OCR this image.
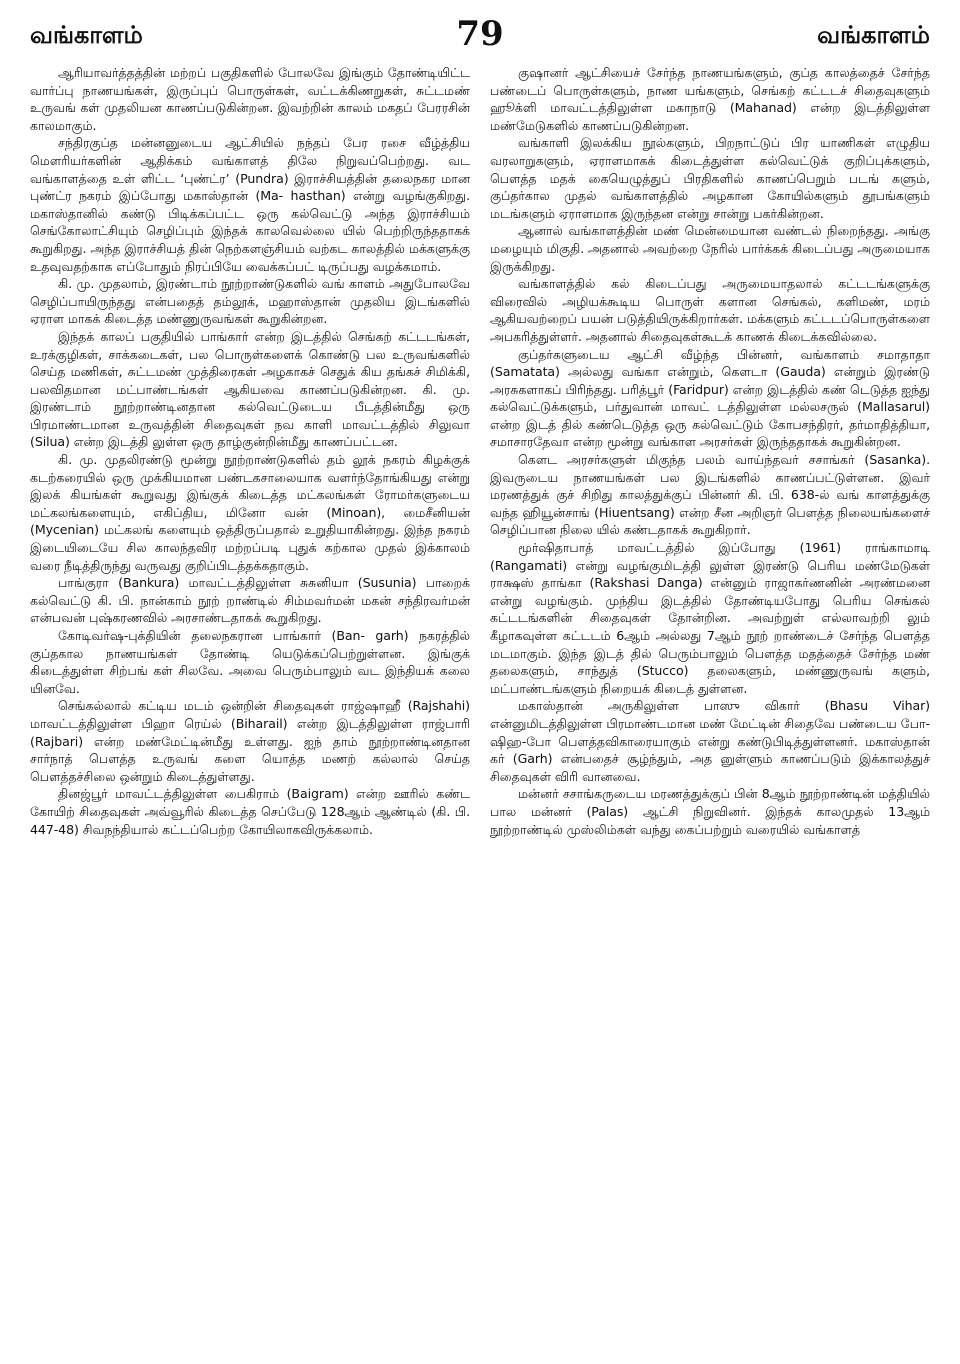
வங்காளம்	79	வங்காளம்

ஆரியாவர்த்தத்தின் மற்றப் பகுதிகளில் போலவே இங்கும் தோண்டியிட்ட வார்ப்பு நாணயங்கள், இருப்புப் பொருள்கள், வட்டக்கிணறுகள், சுட்டமண் உருவங் கள் முதலியன காணப்படுகின்றன. இவற்றின் காலம் மகதப் பேரரசின் காலமாகும்.

சந்திரகுப்த மன்னனுடைய ஆட்சியில் நந்தப் பேர ரசை வீழ்த்திய மௌரியர்களின் ஆதிக்கம் வங்காளத் திலே நிறுவப்பெற்றது. வட வங்காளத்தை உள் ளிட்ட ‘புண்ட்ர’ (Pundra) இராச்சியத்தின் தலைநகர மான புண்ட்ர நகரம் இப்போது மகாஸ்தான் (Ma- hasthan) என்று வழங்குகிறது. மகாஸ்தானில் கண்டு பிடிக்கப்பட்ட ஒரு கல்வெட்டு அந்த இராச்சியம் செங்கோலாட்சியும் செழிப்பும் இந்தக் காலவெல்லை யில் பெற்றிருந்ததாகக் கூறுகிறது. அந்த இராச்சியத் தின் நெற்களஞ்சியம் வற்கட காலத்தில் மக்களுக்கு உதவுவதற்காக எப்போதும் நிரப்பியே வைக்கப்பட் டிருப்பது வழக்கமாம்.

கி. மு. முதலாம், இரண்டாம் நூற்றாண்டுகளில் வங் காளம் அதுபோலவே செழிப்பாயிருந்தது என்பதைத் தம்லூக், மஹாஸ்தான் முதலிய இடங்களில் ஏராள மாகக் கிடைத்த மண்ணுருவங்கள் கூறுகின்றன.

இந்தக் காலப் பகுதியில் பாங்கார் என்ற இடத்தில் செங்கற் கட்டடங்கள், உரக்குழிகள், சாக்கடைகள், பல பொருள்களைக் கொண்டு பல உருவங்களில் செய்த மணிகள், சுட்டமண் முத்திரைகள் அழகாகச் செதுக் கிய தங்கச் சிமிக்கி, பலவிதமான மட்பாண்டங்கள் ஆகியவை காணப்படுகின்றன. கி. மு. இரண்டாம் நூற்றாண்டினதான கல்வெட்டுடைய பீடத்தின்மீது ஒரு பிரமாண்டமான உருவத்தின் சிதைவுகள் நவ காளி மாவட்டத்தில் சிலுவா (Silua) என்ற இடத்தி லுள்ள ஒரு தாழ்குன்றின்மீது காணப்பட்டன.

கி. மு. முதலிரண்டு மூன்று நூற்றாண்டுகளில் தம் லூக் நகரம் கிழக்குக் கடற்கரையில் ஒரு முக்கியமான பண்டகசாலையாக வளர்ந்தோங்கியது என்று இலக் கியங்கள் கூறுவது இங்குக் கிடைத்த மட்கலங்கள் ரோமர்களுடைய மட்கலங்களையும், எகிப்திய, மினோ வன் (Minoan), மைசீனியன் (Mycenian) மட்கலங் களையும் ஒத்திருப்பதால் உறுதியாகின்றது. இந்த நகரம் இடையிடையே சில காலந்தவிர மற்றப்படி புதுக் கற்கால முதல் இக்காலம் வரை நீடித்திருந்து வருவது குறிப்பிடத்தக்கதாகும்.

பாங்குரா (Bankura) மாவட்டத்திலுள்ள சுசுனியா (Susunia) பாறைக் கல்வெட்டு கி. பி. நான்காம் நூற் றாண்டில் சிம்மவர்மன் மகன் சந்திரவர்மன் என்பவன் புஷ்கரணவில் அரசாண்டதாகக் கூறுகிறது.

கோடிவர்ஷ-புக்தியின் தலைநகரான பாங்கார் (Ban- garh) நகரத்தில் குப்தகால நாணயங்கள் தோண்டி யெடுக்கப்பெற்றுள்ளன. இங்குக் கிடைத்துள்ள சிற்பங் கள் சிலவே. அவை பெரும்பாலும் வட இந்தியக் கலை யினவே.

செங்கல்லால் கட்டிய மடம் ஒன்றின் சிதைவுகள் ராஜ்ஷாஹீ (Rajshahi) மாவட்டத்திலுள்ள பிஹா ரெய்ல் (Biharail) என்ற இடத்திலுள்ள ராஜ்பாரி (Rajbari) என்ற மண்மேட்டின்மீது உள்ளது. ஐந் தாம் நூற்றாண்டினதான சார்நாத் பௌத்த உருவங் களை யொத்த மணற் கல்லால் செய்த பௌத்தச்சிலை ஒன்றும் கிடைத்துள்ளது.

தினஜ்பூர் மாவட்டத்திலுள்ள பைகிராம் (Baigram) என்ற ஊரில் கண்ட கோயிற் சிதைவுகள் அவ்வூரில் கிடைத்த செப்பேடு 128ஆம் ஆண்டில் (கி. பி. 447-48) சிவநந்தியால் கட்டப்பெற்ற கோயிலாகவிருக்கலாம்.

குஷானர் ஆட்சியைச் சேர்ந்த நாணயங்களும், குப்த காலத்தைச் சேர்ந்த பண்டைப் பொருள்களும், நாண யங்களும், செங்கற் கட்டடச் சிதைவுகளும் ஹூக்ளி மாவட்டத்திலுள்ள மகாநாடு (Mahanad) என்ற இடத்திலுள்ள மண்மேடுகளில் காணப்படுகின்றன.

வங்காளி இலக்கிய நூல்களும், பிறநாட்டுப் பிர யாணிகள் எழுதிய வரலாறுகளும், ஏராளமாகக் கிடைத்துள்ள கல்வெட்டுக் குறிப்புக்களும், பௌத்த மதக் கையெழுத்துப் பிரதிகளில் காணப்பெறும் படங் களும், குப்தர்கால முதல் வங்காளத்தில் அழகான கோயில்களும் தூபங்களும் மடங்களும் ஏராளமாக இருந்தன என்று சான்று பகர்கின்றன.

ஆனால் வங்காளத்தின் மண் மென்மையான வண்டல் நிறைந்தது. அங்கு மழையும் மிகுதி. அதனால் அவற்றை நேரில் பார்க்கக் கிடைப்பது அருமையாக இருக்கிறது.

வங்காளத்தில் கல் கிடைப்பது அருமையாதலால் கட்டடங்களுக்கு விரைவில் அழியக்கூடிய பொருள் களான செங்கல், களிமண், மரம் ஆகியவற்றைப் பயன் படுத்தியிருக்கிறார்கள். மக்களும் கட்டடப்பொருள்களை அபகரித்துள்ளர். அதனால் சிதைவுகள்கூடக் காணக் கிடைக்கவில்லை.

குப்தர்களுடைய ஆட்சி வீழ்ந்த பின்னர், வங்காளம் சமாதாதா (Samatata) அல்லது வங்கா என்றும், கௌடா (Gauda) என்றும் இரண்டு அரசுகளாகப் பிரிந்தது. பரித்பூர் (Faridpur) என்ற இடத்தில் கண் டெடுத்த ஐந்து கல்வெட்டுக்களும், பர்துவான் மாவட் டத்திலுள்ள மல்லசருல் (Mallasarul) என்ற இடத் தில் கண்டெடுத்த ஒரு கல்வெட்டும் கோபசந்திரர், தர்மாதித்தியா, சமாசாரதேவா என்ற மூன்று வங்காள அரசர்கள் இருந்ததாகக் கூறுகின்றன.

கௌட அரசர்களுள் மிகுந்த பலம் வாய்ந்தவர் சசாங்கர் (Sasanka). இவருடைய நாணயங்கள் பல இடங்களில் காணப்பட்டுள்ளன. இவர் மரணத்துக் குச் சிறிது காலத்துக்குப் பின்னர் கி. பி. 638-ல் வங் காளத்துக்கு வந்த ஹியூன்சாங் (Hiuentsang) என்ற சீன அறிஞர் பௌத்த நிலையங்களைச் செழிப்பான நிலை யில் கண்டதாகக் கூறுகிறார்.

மூர்ஷிதாபாத் மாவட்டத்தில் இப்போது (1961) ராங்காமாடி (Rangamati) என்று வழங்குமிடத்தி லுள்ள இரண்டு பெரிய மண்மேடுகள் ராக்ஷஸ் தாங்கா (Rakshasi Danga) என்னும் ராஜாகர்ணனின் அரண்மனை என்று வழங்கும். முந்திய இடத்தில் தோண்டியபோது பெரிய செங்கல் கட்டடங்களின் சிதைவுகள் தோன்றின. அவற்றுள் எல்லாவற்றி லும் கீழாகவுள்ள கட்டடம் 6ஆம் அல்லது 7ஆம் நூற் றாண்டைச் சேர்ந்த பௌத்த மடமாகும். இந்த இடத் தில் பெரும்பாலும் பௌத்த மதத்தைச் சேர்ந்த மண் தலைகளும், சாந்துத் (Stucco) தலைகளும், மண்ணுருவங் களும், மட்பாண்டங்களும் நிறையக் கிடைத் துள்ளன.

மகாஸ்தான் அருகிலுள்ள பாஸு விகார் (Bhasu Vihar) என்னுமிடத்திலுள்ள பிரமாண்டமான மண் மேட்டின் சிதைவே பண்டைய போ-ஷிஹ-போ பௌத்தவிகாரையாகும் என்று கண்டுபிடித்துள்ளனர். மகாஸ்தான் கர் (Garh) என்பதைச் சூழ்ந்தும், அத னுள்ளும் காணப்படும் இக்காலத்துச் சிதைவுகள் விரி வானவை.

மன்னர் சசாங்கருடைய மரணத்துக்குப் பின் 8ஆம் நூற்றாண்டின் மத்தியில் பால மன்னர் (Palas) ஆட்சி நிறுவினர். இந்தக் காலமுதல் 13ஆம் நூற்றாண்டில் முஸ்லிம்கள் வந்து கைப்பற்றும் வரையில் வங்காளத்
